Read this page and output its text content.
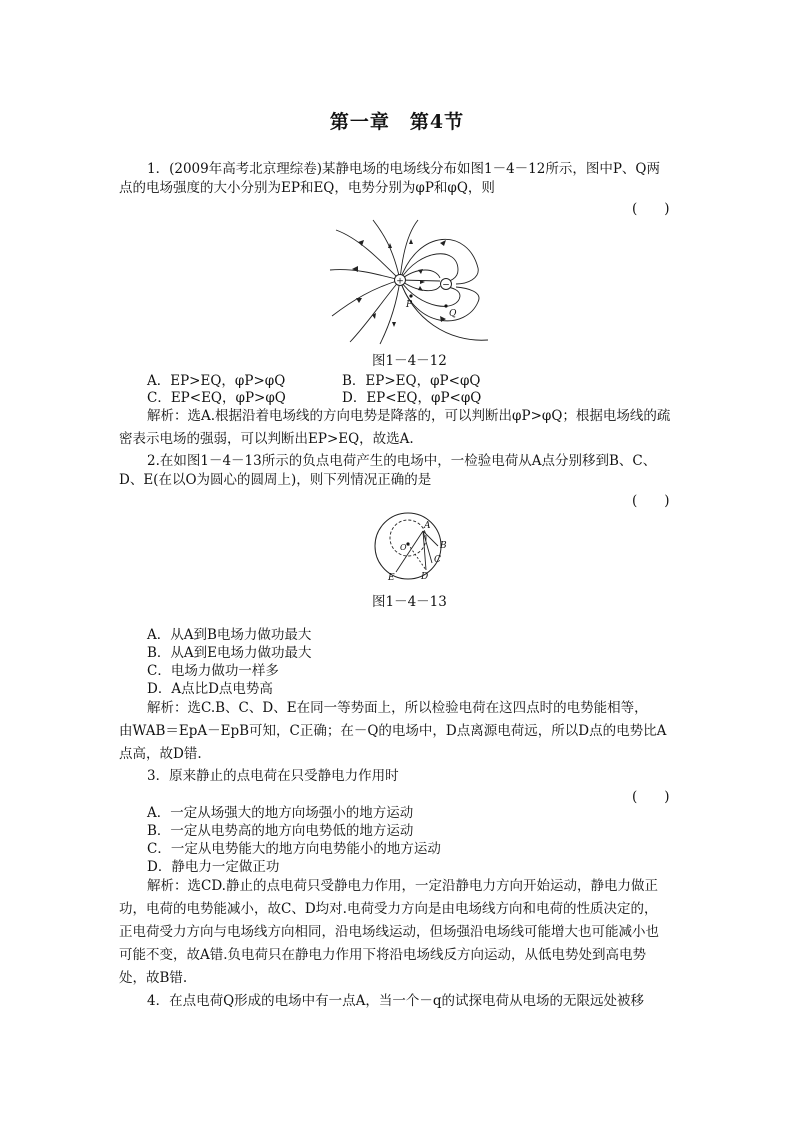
第一章　第4节
1．(2009年高考北京理综卷)某静电场的电场线分布如图1－4－12所示，图中P、Q两
点的电场强度的大小分别为EP和EQ，电势分别为φP和φQ，则
(　　)
+	−
P
Q
图1－4－12
A．EP>EQ，φP>φQ	B．EP>EQ，φP<φQ
C．EP<EQ，φP>φQ	D．EP<EQ，φP<φQ
解析：选A.根据沿着电场线的方向电势是降落的，可以判断出φP>φQ；根据电场线的疏
密表示电场的强弱，可以判断出EP>EQ，故选A.
2.在如图1－4－13所示的负点电荷产生的电场中，一检验电荷从A点分别移到B、C、
D、E(在以O为圆心的圆周上)，则下列情况正确的是
(　　)
A
B
C
D
E
O
图1－4－13
A．从A到B电场力做功最大
B．从A到E电场力做功最大
C．电场力做功一样多
D．A点比D点电势高
解析：选C.B、C、D、E在同一等势面上，所以检验电荷在这四点时的电势能相等，
由WAB＝EpA－EpB可知，C正确；在－Q的电场中，D点离源电荷远，所以D点的电势比A
点高，故D错.
3．原来静止的点电荷在只受静电力作用时
(　　)
A．一定从场强大的地方向场强小的地方运动
B．一定从电势高的地方向电势低的地方运动
C．一定从电势能大的地方向电势能小的地方运动
D．静电力一定做正功
解析：选CD.静止的点电荷只受静电力作用，一定沿静电力方向开始运动，静电力做正
功，电荷的电势能减小，故C、D均对.电荷受力方向是由电场线方向和电荷的性质决定的，
正电荷受力方向与电场线方向相同，沿电场线运动，但场强沿电场线可能增大也可能减小也
可能不变，故A错.负电荷只在静电力作用下将沿电场线反方向运动，从低电势处到高电势
处，故B错.
4．在点电荷Q形成的电场中有一点A，当一个－q的试探电荷从电场的无限远处被移
